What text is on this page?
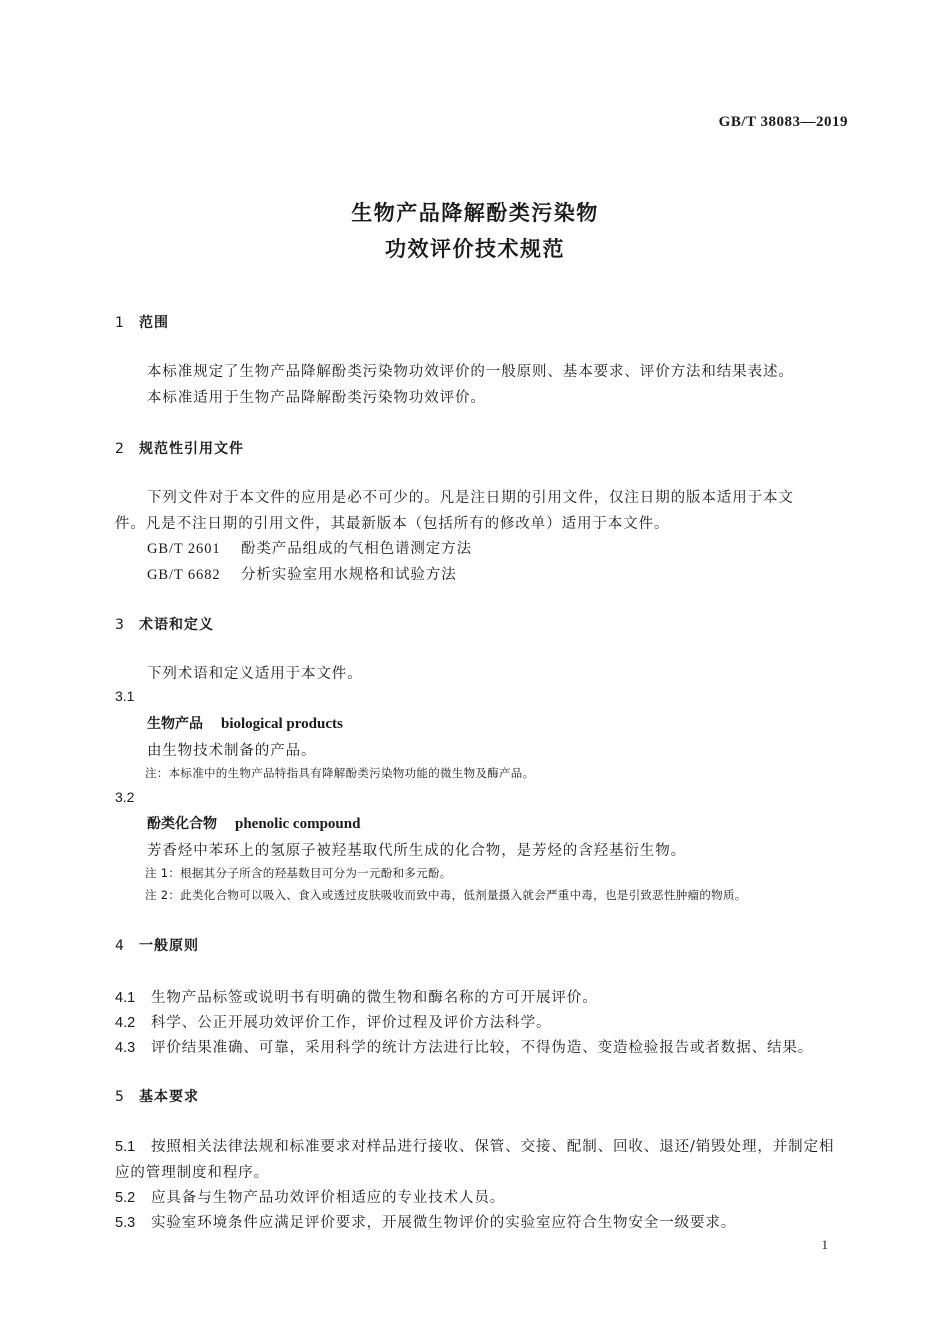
GB/T 38083—2019
生物产品降解酚类污染物
功效评价技术规范
1 范围
本标准规定了生物产品降解酚类污染物功效评价的一般原则、基本要求、评价方法和结果表述。
本标准适用于生物产品降解酚类污染物功效评价。
2 规范性引用文件
下列文件对于本文件的应用是必不可少的。凡是注日期的引用文件，仅注日期的版本适用于本文
件。凡是不注日期的引用文件，其最新版本（包括所有的修改单）适用于本文件。
GB/T 2601 酚类产品组成的气相色谱测定方法
GB/T 6682 分析实验室用水规格和试验方法
3 术语和定义
下列术语和定义适用于本文件。
3.1
生物产品 biological products
由生物技术制备的产品。
注：本标准中的生物产品特指具有降解酚类污染物功能的微生物及酶产品。
3.2
酚类化合物 phenolic compound
芳香烃中苯环上的氢原子被羟基取代所生成的化合物，是芳烃的含羟基衍生物。
注 1：根据其分子所含的羟基数目可分为一元酚和多元酚。
注 2：此类化合物可以吸入、食入或透过皮肤吸收而致中毒，低剂量摄入就会严重中毒，也是引致恶性肿瘤的物质。
4 一般原则
4.1 生物产品标签或说明书有明确的微生物和酶名称的方可开展评价。
4.2 科学、公正开展功效评价工作，评价过程及评价方法科学。
4.3 评价结果准确、可靠，采用科学的统计方法进行比较，不得伪造、变造检验报告或者数据、结果。
5 基本要求
5.1 按照相关法律法规和标准要求对样品进行接收、保管、交接、配制、回收、退还/销毁处理，并制定相
应的管理制度和程序。
5.2 应具备与生物产品功效评价相适应的专业技术人员。
5.3 实验室环境条件应满足评价要求，开展微生物评价的实验室应符合生物安全一级要求。
1
